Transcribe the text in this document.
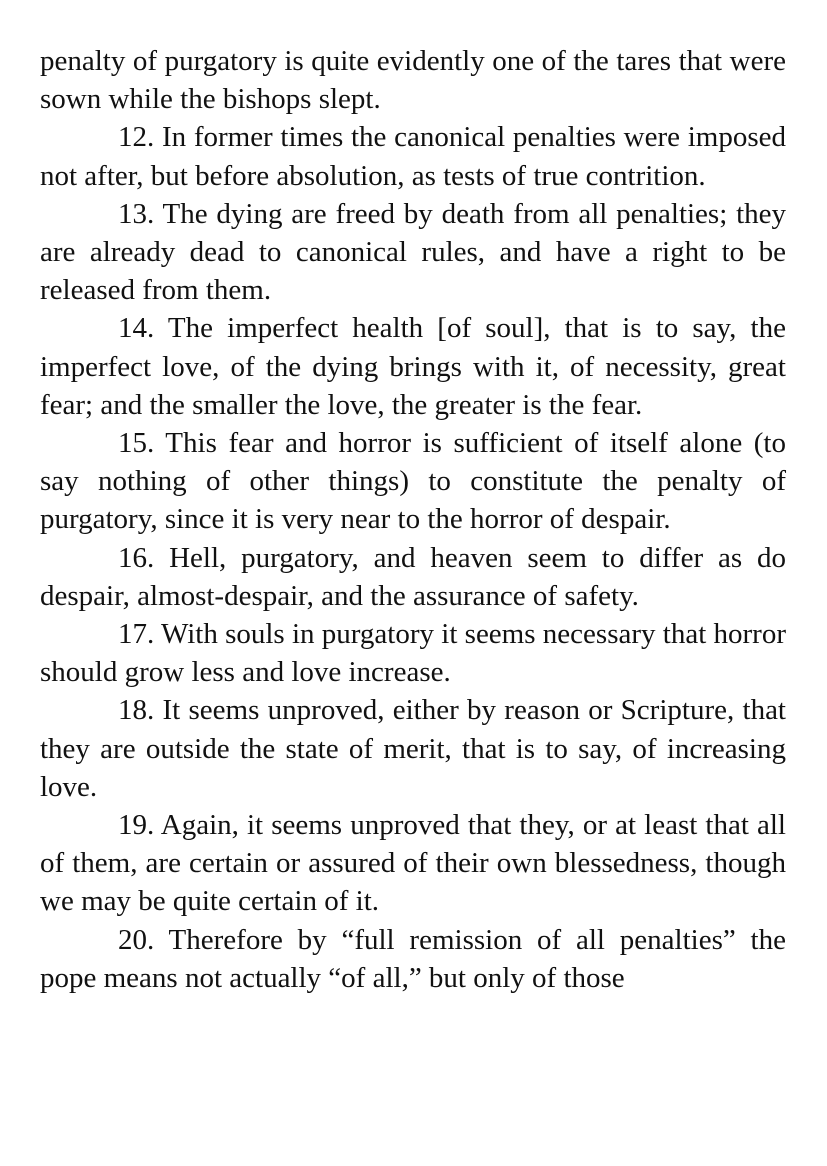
penalty of purgatory is quite evidently one of the tares that were sown while the bishops slept.

12. In former times the canonical penalties were imposed not after, but before absolution, as tests of true contrition.

13. The dying are freed by death from all penalties; they are already dead to canonical rules, and have a right to be released from them.

14. The imperfect health [of soul], that is to say, the imperfect love, of the dying brings with it, of necessity, great fear; and the smaller the love, the greater is the fear.

15. This fear and horror is sufficient of itself alone (to say nothing of other things) to constitute the penalty of purgatory, since it is very near to the horror of despair.

16. Hell, purgatory, and heaven seem to differ as do despair, almost-despair, and the assurance of safety.

17. With souls in purgatory it seems necessary that horror should grow less and love increase.

18. It seems unproved, either by reason or Scripture, that they are outside the state of merit, that is to say, of increasing love.

19. Again, it seems unproved that they, or at least that all of them, are certain or assured of their own blessedness, though we may be quite certain of it.

20. Therefore by “full remission of all penalties” the pope means not actually “of all,” but only of those
